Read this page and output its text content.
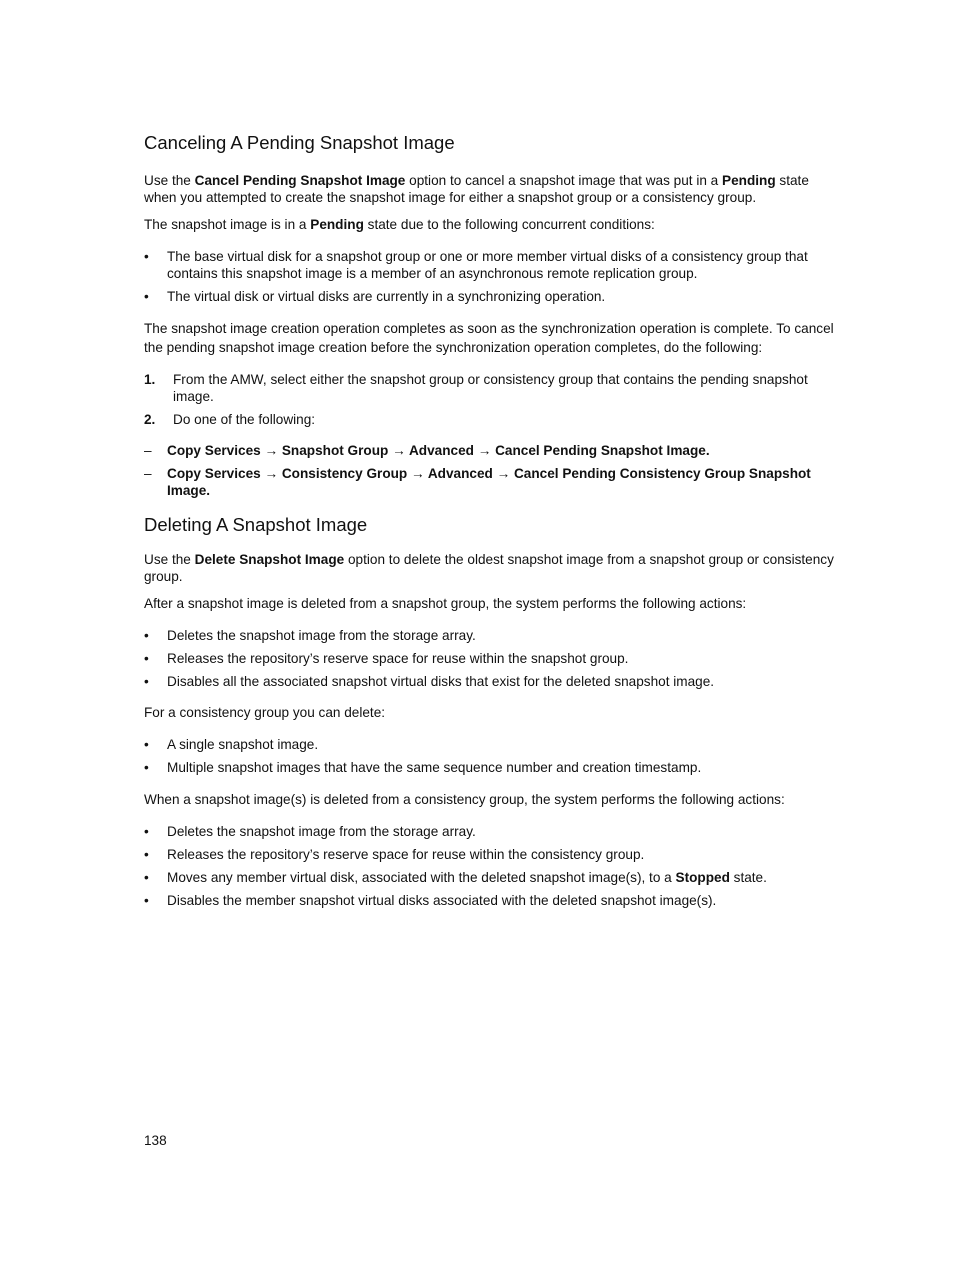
Canceling A Pending Snapshot Image

Use the Cancel Pending Snapshot Image option to cancel a snapshot image that was put in a Pending state when you attempted to create the snapshot image for either a snapshot group or a consistency group.

The snapshot image is in a Pending state due to the following concurrent conditions:

•	The base virtual disk for a snapshot group or one or more member virtual disks of a consistency group that contains this snapshot image is a member of an asynchronous remote replication group.
•	The virtual disk or virtual disks are currently in a synchronizing operation.

The snapshot image creation operation completes as soon as the synchronization operation is complete. To cancel the pending snapshot image creation before the synchronization operation completes, do the following:

1. From the AMW, select either the snapshot group or consistency group that contains the pending snapshot image.
2. Do one of the following:
– Copy Services → Snapshot Group → Advanced → Cancel Pending Snapshot Image.
– Copy Services → Consistency Group → Advanced → Cancel Pending Consistency Group Snapshot Image.
Deleting A Snapshot Image

Use the Delete Snapshot Image option to delete the oldest snapshot image from a snapshot group or consistency group.

After a snapshot image is deleted from a snapshot group, the system performs the following actions:

•	Deletes the snapshot image from the storage array.
•	Releases the repository’s reserve space for reuse within the snapshot group.
•	Disables all the associated snapshot virtual disks that exist for the deleted snapshot image.

For a consistency group you can delete:

•	A single snapshot image.
•	Multiple snapshot images that have the same sequence number and creation timestamp.

When a snapshot image(s) is deleted from a consistency group, the system performs the following actions:

•	Deletes the snapshot image from the storage array.
•	Releases the repository’s reserve space for reuse within the consistency group.
•	Moves any member virtual disk, associated with the deleted snapshot image(s), to a Stopped state.
•	Disables the member snapshot virtual disks associated with the deleted snapshot image(s).
138
